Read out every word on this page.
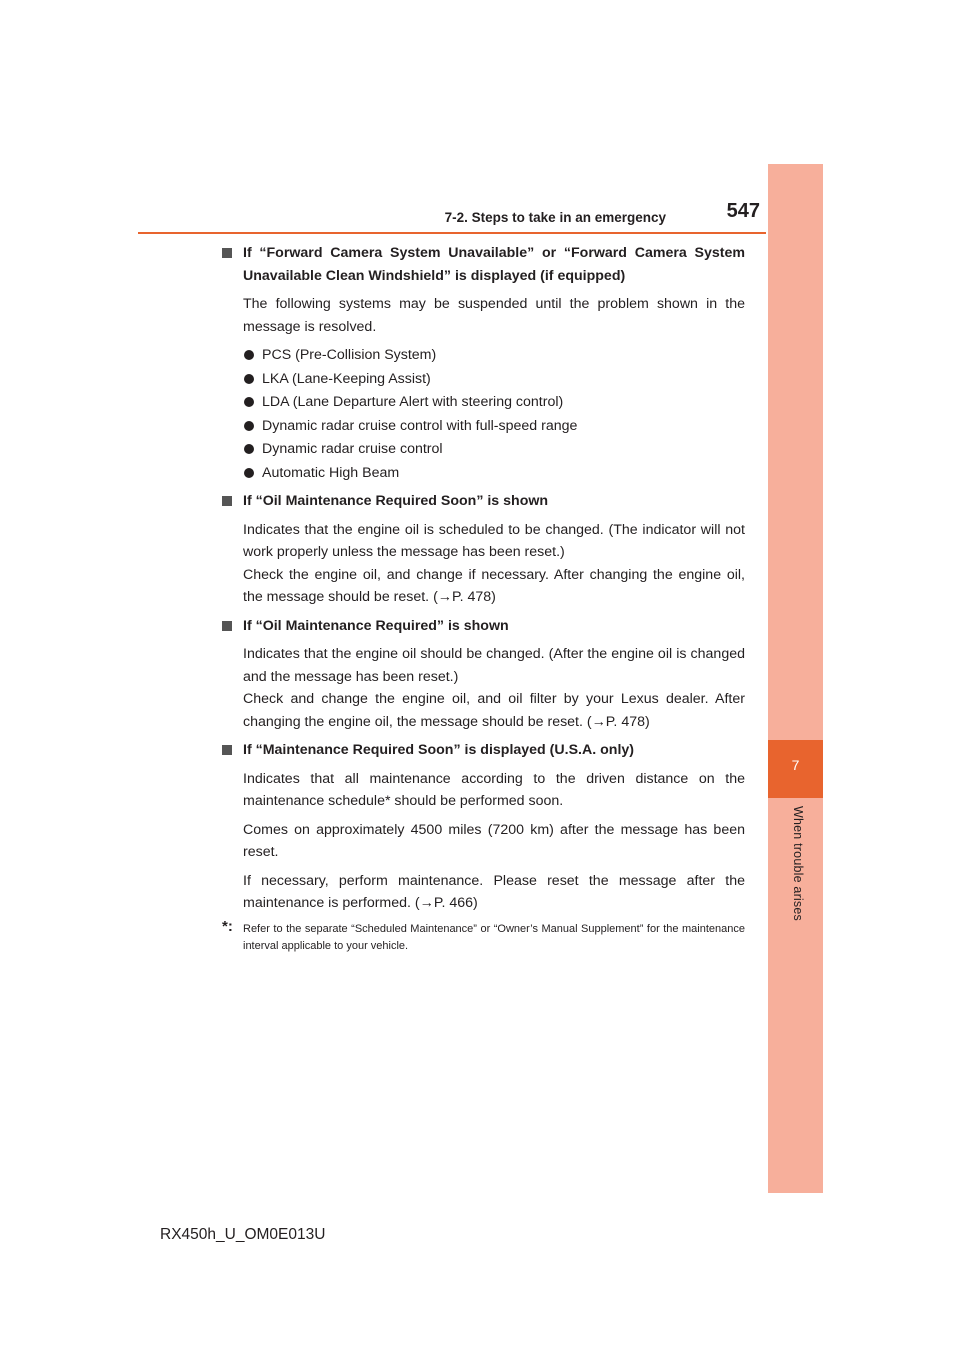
7-2. Steps to take in an emergency	547
7
When trouble arises
If “Forward Camera System Unavailable” or “Forward Camera System Unavailable Clean Windshield” is displayed (if equipped)
The following systems may be suspended until the problem shown in the message is resolved.
PCS (Pre-Collision System)
LKA (Lane-Keeping Assist)
LDA (Lane Departure Alert with steering control)
Dynamic radar cruise control with full-speed range
Dynamic radar cruise control
Automatic High Beam
If “Oil Maintenance Required Soon” is shown
Indicates that the engine oil is scheduled to be changed. (The indicator will not work properly unless the message has been reset.)
Check the engine oil, and change if necessary. After changing the engine oil, the message should be reset. (→P. 478)
If “Oil Maintenance Required” is shown
Indicates that the engine oil should be changed. (After the engine oil is changed and the message has been reset.)
Check and change the engine oil, and oil filter by your Lexus dealer. After changing the engine oil, the message should be reset. (→P. 478)
If “Maintenance Required Soon” is displayed (U.S.A. only)
Indicates that all maintenance according to the driven distance on the maintenance schedule* should be performed soon.
Comes on approximately 4500 miles (7200 km) after the message has been reset.
If necessary, perform maintenance. Please reset the message after the maintenance is performed. (→P. 466)
*: Refer to the separate “Scheduled Maintenance” or “Owner’s Manual Supplement” for the maintenance interval applicable to your vehicle.
RX450h_U_OM0E013U
